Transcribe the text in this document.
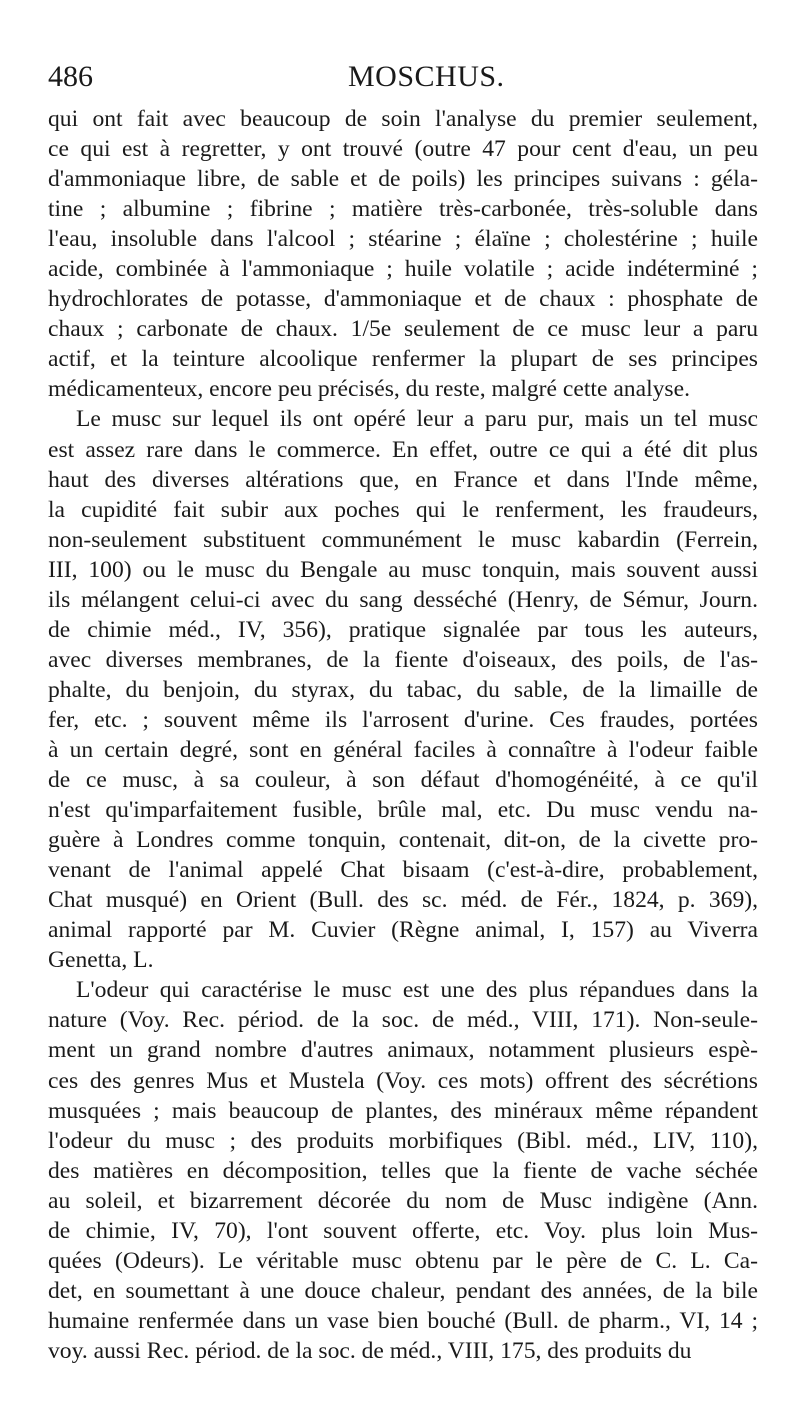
486	MOSCHUS.
qui ont fait avec beaucoup de soin l'analyse du premier seulement,
ce qui est à regretter, y ont trouvé (outre 47 pour cent d'eau, un peu
d'ammoniaque libre, de sable et de poils) les principes suivans : géla-
tine ; albumine ; fibrine ; matière très-carbonée, très-soluble dans
l'eau, insoluble dans l'alcool ; stéarine ; élaïne ; cholestérine ; huile
acide, combinée à l'ammoniaque ; huile volatile ; acide indéterminé ;
hydrochlorates de potasse, d'ammoniaque et de chaux : phosphate de
chaux ; carbonate de chaux. 1/5e seulement de ce musc leur a paru
actif, et la teinture alcoolique renfermer la plupart de ses principes
médicamenteux, encore peu précisés, du reste, malgré cette analyse.
Le musc sur lequel ils ont opéré leur a paru pur, mais un tel musc
est assez rare dans le commerce. En effet, outre ce qui a été dit plus
haut des diverses altérations que, en France et dans l'Inde même,
la cupidité fait subir aux poches qui le renferment, les fraudeurs,
non-seulement substituent communément le musc kabardin (Ferrein,
III, 100) ou le musc du Bengale au musc tonquin, mais souvent aussi
ils mélangent celui-ci avec du sang desséché (Henry, de Sémur, Journ.
de chimie méd., IV, 356), pratique signalée par tous les auteurs,
avec diverses membranes, de la fiente d'oiseaux, des poils, de l'as-
phalte, du benjoin, du styrax, du tabac, du sable, de la limaille de
fer, etc. ; souvent même ils l'arrosent d'urine. Ces fraudes, portées
à un certain degré, sont en général faciles à connaître à l'odeur faible
de ce musc, à sa couleur, à son défaut d'homogénéité, à ce qu'il
n'est qu'imparfaitement fusible, brûle mal, etc. Du musc vendu na-
guère à Londres comme tonquin, contenait, dit-on, de la civette pro-
venant de l'animal appelé Chat bisaam (c'est-à-dire, probablement,
Chat musqué) en Orient (Bull. des sc. méd. de Fér., 1824, p. 369),
animal rapporté par M. Cuvier (Règne animal, I, 157) au Viverra
Genetta, L.
L'odeur qui caractérise le musc est une des plus répandues dans la
nature (Voy. Rec. périod. de la soc. de méd., VIII, 171). Non-seule-
ment un grand nombre d'autres animaux, notamment plusieurs espè-
ces des genres Mus et Mustela (Voy. ces mots) offrent des sécrétions
musquées ; mais beaucoup de plantes, des minéraux même répandent
l'odeur du musc ; des produits morbifiques (Bibl. méd., LIV, 110),
des matières en décomposition, telles que la fiente de vache séchée
au soleil, et bizarrement décorée du nom de Musc indigène (Ann.
de chimie, IV, 70), l'ont souvent offerte, etc. Voy. plus loin Mus-
quées (Odeurs). Le véritable musc obtenu par le père de C. L. Ca-
det, en soumettant à une douce chaleur, pendant des années, de la bile
humaine renfermée dans un vase bien bouché (Bull. de pharm., VI, 14 ;
voy. aussi Rec. périod. de la soc. de méd., VIII, 175, des produits du
